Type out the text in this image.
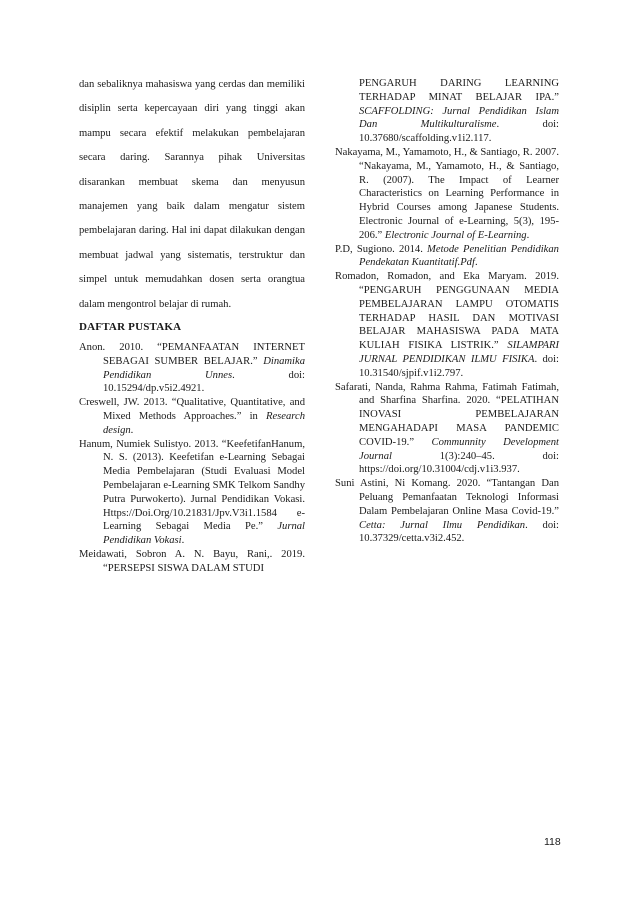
dan sebaliknya mahasiswa yang cerdas dan memiliki disiplin serta kepercayaan diri yang tinggi akan mampu secara efektif melakukan pembelajaran secara daring. Sarannya pihak Universitas disarankan membuat skema dan menyusun manajemen yang baik dalam mengatur sistem pembelajaran daring. Hal ini dapat dilakukan dengan membuat jadwal yang sistematis, terstruktur dan simpel untuk memudahkan dosen serta orangtua dalam mengontrol belajar di rumah.

DAFTAR PUSTAKA

Anon. 2010. “PEMANFAATAN INTERNET SEBAGAI SUMBER BELAJAR.” Dinamika Pendidikan Unnes. doi: 10.15294/dp.v5i2.4921.

Creswell, JW. 2013. “Qualitative, Quantitative, and Mixed Methods Approaches.” in Research design.

Hanum, Numiek Sulistyo. 2013. “KeefetifanHanum, N. S. (2013). Keefetifan e-Learning Sebagai Media Pembelajaran (Studi Evaluasi Model Pembelajaran e-Learning SMK Telkom Sandhy Putra Purwokerto). Jurnal Pendidikan Vokasi. Https://Doi.Org/10.21831/Jpv.V3i1.1584 e-Learning Sebagai Media Pe.” Jurnal Pendidikan Vokasi.

Meidawati, Sobron A. N. Bayu, Rani,. 2019. “PERSEPSI SISWA DALAM STUDI

PENGARUH DARING LEARNING TERHADAP MINAT BELAJAR IPA.” SCAFFOLDING: Jurnal Pendidikan Islam Dan Multikulturalisme. doi: 10.37680/scaffolding.v1i2.117.

Nakayama, M., Yamamoto, H., & Santiago, R. 2007. “Nakayama, M., Yamamoto, H., & Santiago, R. (2007). The Impact of Learner Characteristics on Learning Performance in Hybrid Courses among Japanese Students. Electronic Journal of e-Learning, 5(3), 195-206.” Electronic Journal of E-Learning.

P.D, Sugiono. 2014. Metode Penelitian Pendidikan Pendekatan Kuantitatif.Pdf.

Romadon, Romadon, and Eka Maryam. 2019. “PENGARUH PENGGUNAAN MEDIA PEMBELAJARAN LAMPU OTOMATIS TERHADAP HASIL DAN MOTIVASI BELAJAR MAHASISWA PADA MATA KULIAH FISIKA LISTRIK.” SILAMPARI JURNAL PENDIDIKAN ILMU FISIKA. doi: 10.31540/sjpif.v1i2.797.

Safarati, Nanda, Rahma Rahma, Fatimah Fatimah, and Sharfina Sharfina. 2020. “PELATIHAN INOVASI PEMBELAJARAN MENGAHADAPI MASA PANDEMIC COVID-19.” Communnity Development Journal 1(3):240–45. doi: https://doi.org/10.31004/cdj.v1i3.937.

Suni Astini, Ni Komang. 2020. “Tantangan Dan Peluang Pemanfaatan Teknologi Informasi Dalam Pembelajaran Online Masa Covid-19.” Cetta: Jurnal Ilmu Pendidikan. doi: 10.37329/cetta.v3i2.452.

118
